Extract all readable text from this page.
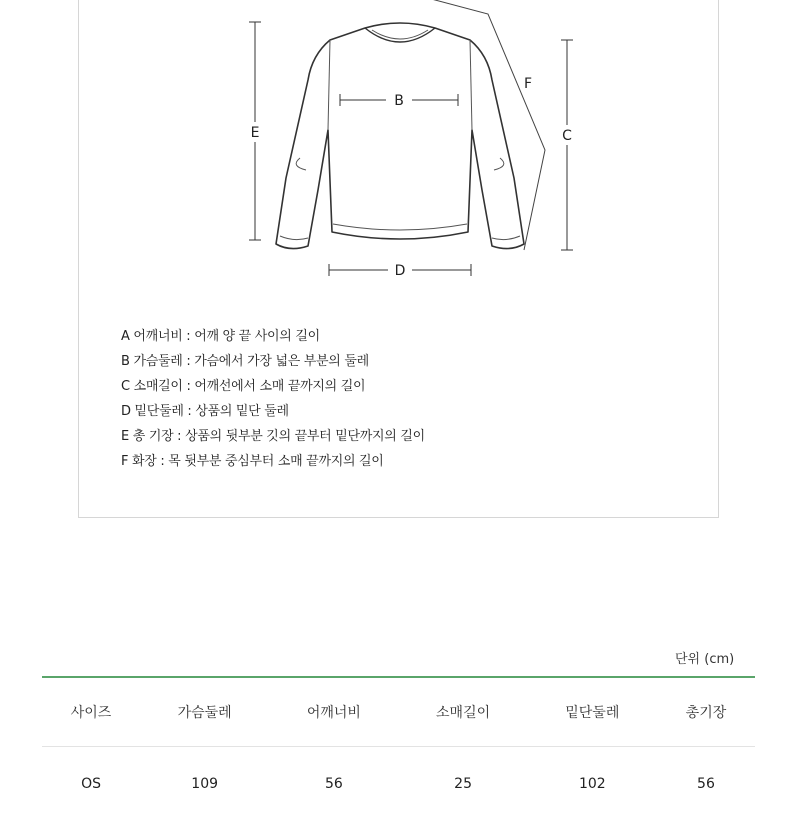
B
E	C
F
D
A 어깨너비 : 어깨 양 끝 사이의 길이
B 가슴둘레 : 가슴에서 가장 넓은 부분의 둘레
C 소매길이 : 어깨선에서 소매 끝까지의 길이
D 밑단둘레 : 상품의 밑단 둘레
E 총 기장 : 상품의 뒷부분 깃의 끝부터 밑단까지의 길이
F 화장 : 목 뒷부분 중심부터 소매 끝까지의 길이
단위 (cm)
사이즈	가슴둘레	어깨너비	소매길이	밑단둘레	총기장
OS	109	56	25	102	56
